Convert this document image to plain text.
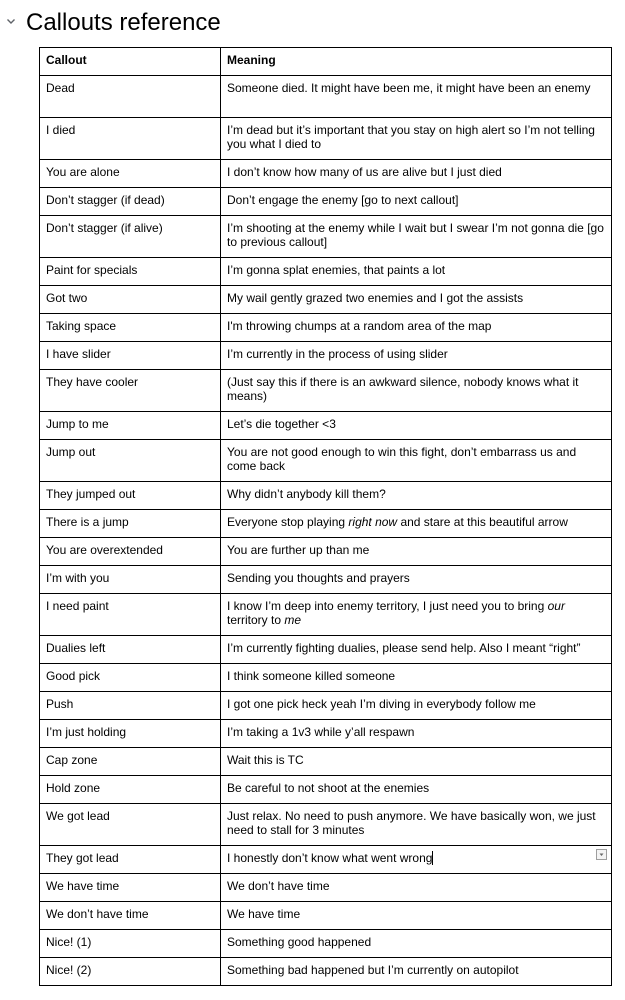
Callouts reference
Callout	Meaning
Dead	Someone died. It might have been me, it might have been an enemy
I died	I’m dead but it’s important that you stay on high alert so I’m not telling you what I died to
You are alone	I don’t know how many of us are alive but I just died
Don’t stagger (if dead)	Don’t engage the enemy [go to next callout]
Don’t stagger (if alive)	I’m shooting at the enemy while I wait but I swear I’m not gonna die [go to previous callout]
Paint for specials	I’m gonna splat enemies, that paints a lot
Got two	My wail gently grazed two enemies and I got the assists
Taking space	I'm throwing chumps at a random area of the map
I have slider	I’m currently in the process of using slider
They have cooler	(Just say this if there is an awkward silence, nobody knows what it means)
Jump to me	Let’s die together <3
Jump out	You are not good enough to win this fight, don’t embarrass us and come back
They jumped out	Why didn’t anybody kill them?
There is a jump	Everyone stop playing right now and stare at this beautiful arrow
You are overextended	You are further up than me
I’m with you	Sending you thoughts and prayers
I need paint	I know I’m deep into enemy territory, I just need you to bring our territory to me
Dualies left	I’m currently fighting dualies, please send help. Also I meant “right”
Good pick	I think someone killed someone
Push	I got one pick heck yeah I’m diving in everybody follow me
I’m just holding	I’m taking a 1v3 while y’all respawn
Cap zone	Wait this is TC
Hold zone	Be careful to not shoot at the enemies
We got lead	Just relax. No need to push anymore. We have basically won, we just need to stall for 3 minutes
They got lead	I honestly don’t know what went wrong

We have time	We don’t have time
We don’t have time	We have time
Nice! (1)	Something good happened
Nice! (2)	Something bad happened but I’m currently on autopilot
